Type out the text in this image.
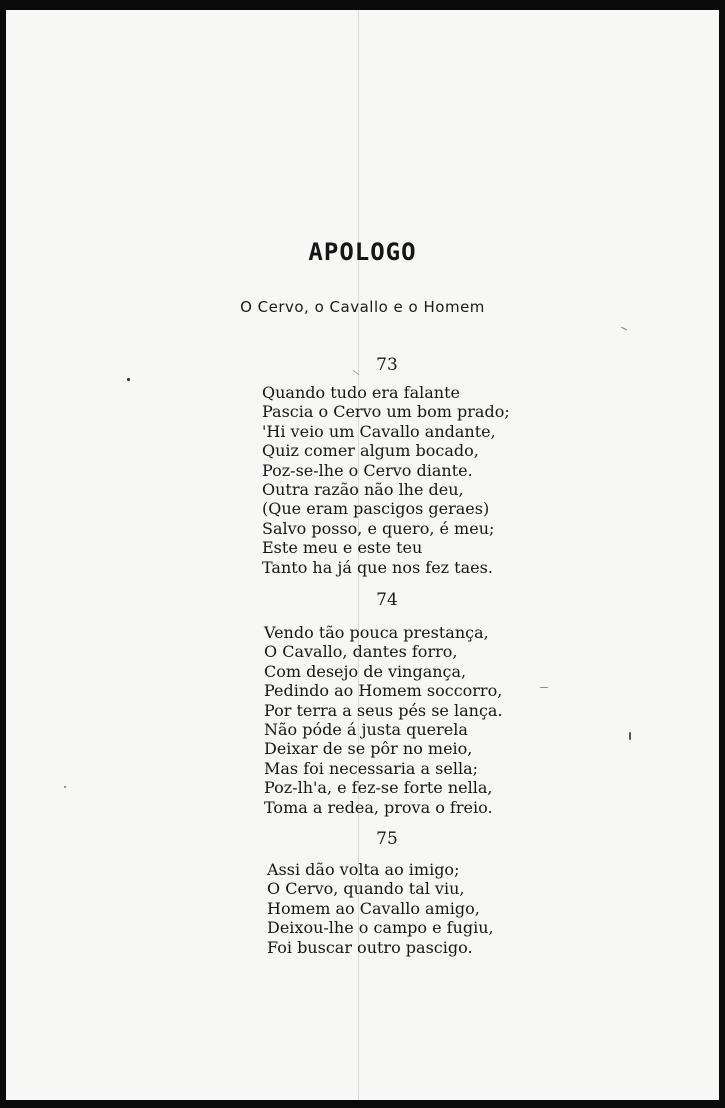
APOLOGO
O Cervo, o Cavallo e o Homem
73
Quando tudo era falante
Pascia o Cervo um bom prado;
'Hi veio um Cavallo andante,
Quiz comer algum bocado,
Poz-se-lhe o Cervo diante.
Outra razão não lhe deu,
(Que eram pascigos geraes)
Salvo posso, e quero, é meu;
Este meu e este teu
Tanto ha já que nos fez taes.
74
Vendo tão pouca prestança,
O Cavallo, dantes forro,
Com desejo de vingança,
Pedindo ao Homem soccorro,
Por terra a seus pés se lança.
Não póde á justa querela
Deixar de se pôr no meio,
Mas foi necessaria a sella;
Poz-lh'a, e fez-se forte nella,
Toma a redea, prova o freio.
75
Assi dão volta ao imigo;
O Cervo, quando tal viu,
Homem ao Cavallo amigo,
Deixou-lhe o campo e fugiu,
Foi buscar outro pascigo.
